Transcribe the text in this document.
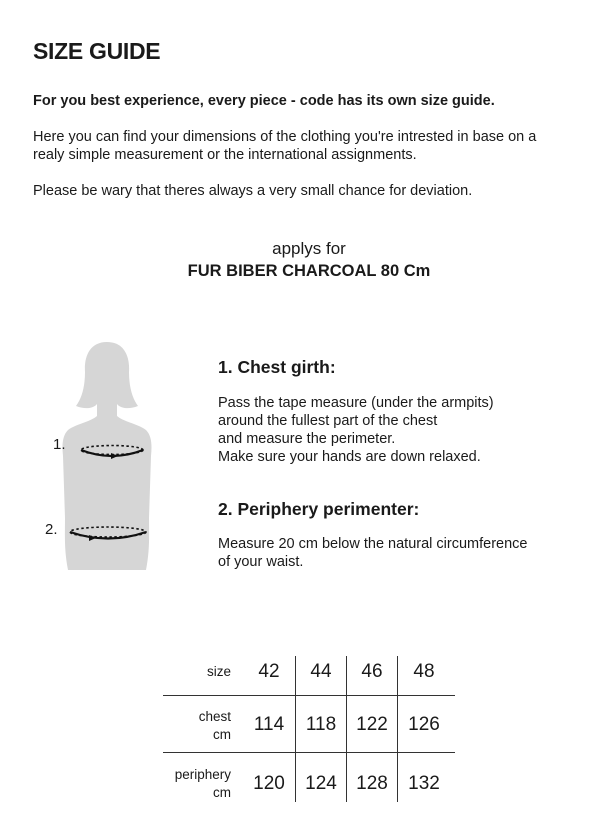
SIZE GUIDE

For you best experience, every piece - code has its own size guide.

Here you can find your dimensions of the clothing you're intrested in base on a
realy simple measurement or the international assignments.

Please be wary that theres always a very small chance for deviation.

applys for
FUR BIBER CHARCOAL 80 Cm
1.
2.
1. Chest girth:
Pass the tape measure (under the armpits)
around the fullest part of the chest
and measure the perimeter.
Make sure your hands are down relaxed.
2. Periphery perimenter:
Measure 20 cm below the natural circumference
of your waist.
size	42	44	46	48
chest
cm	114	118	122	126
periphery
cm	120	124	128	132
